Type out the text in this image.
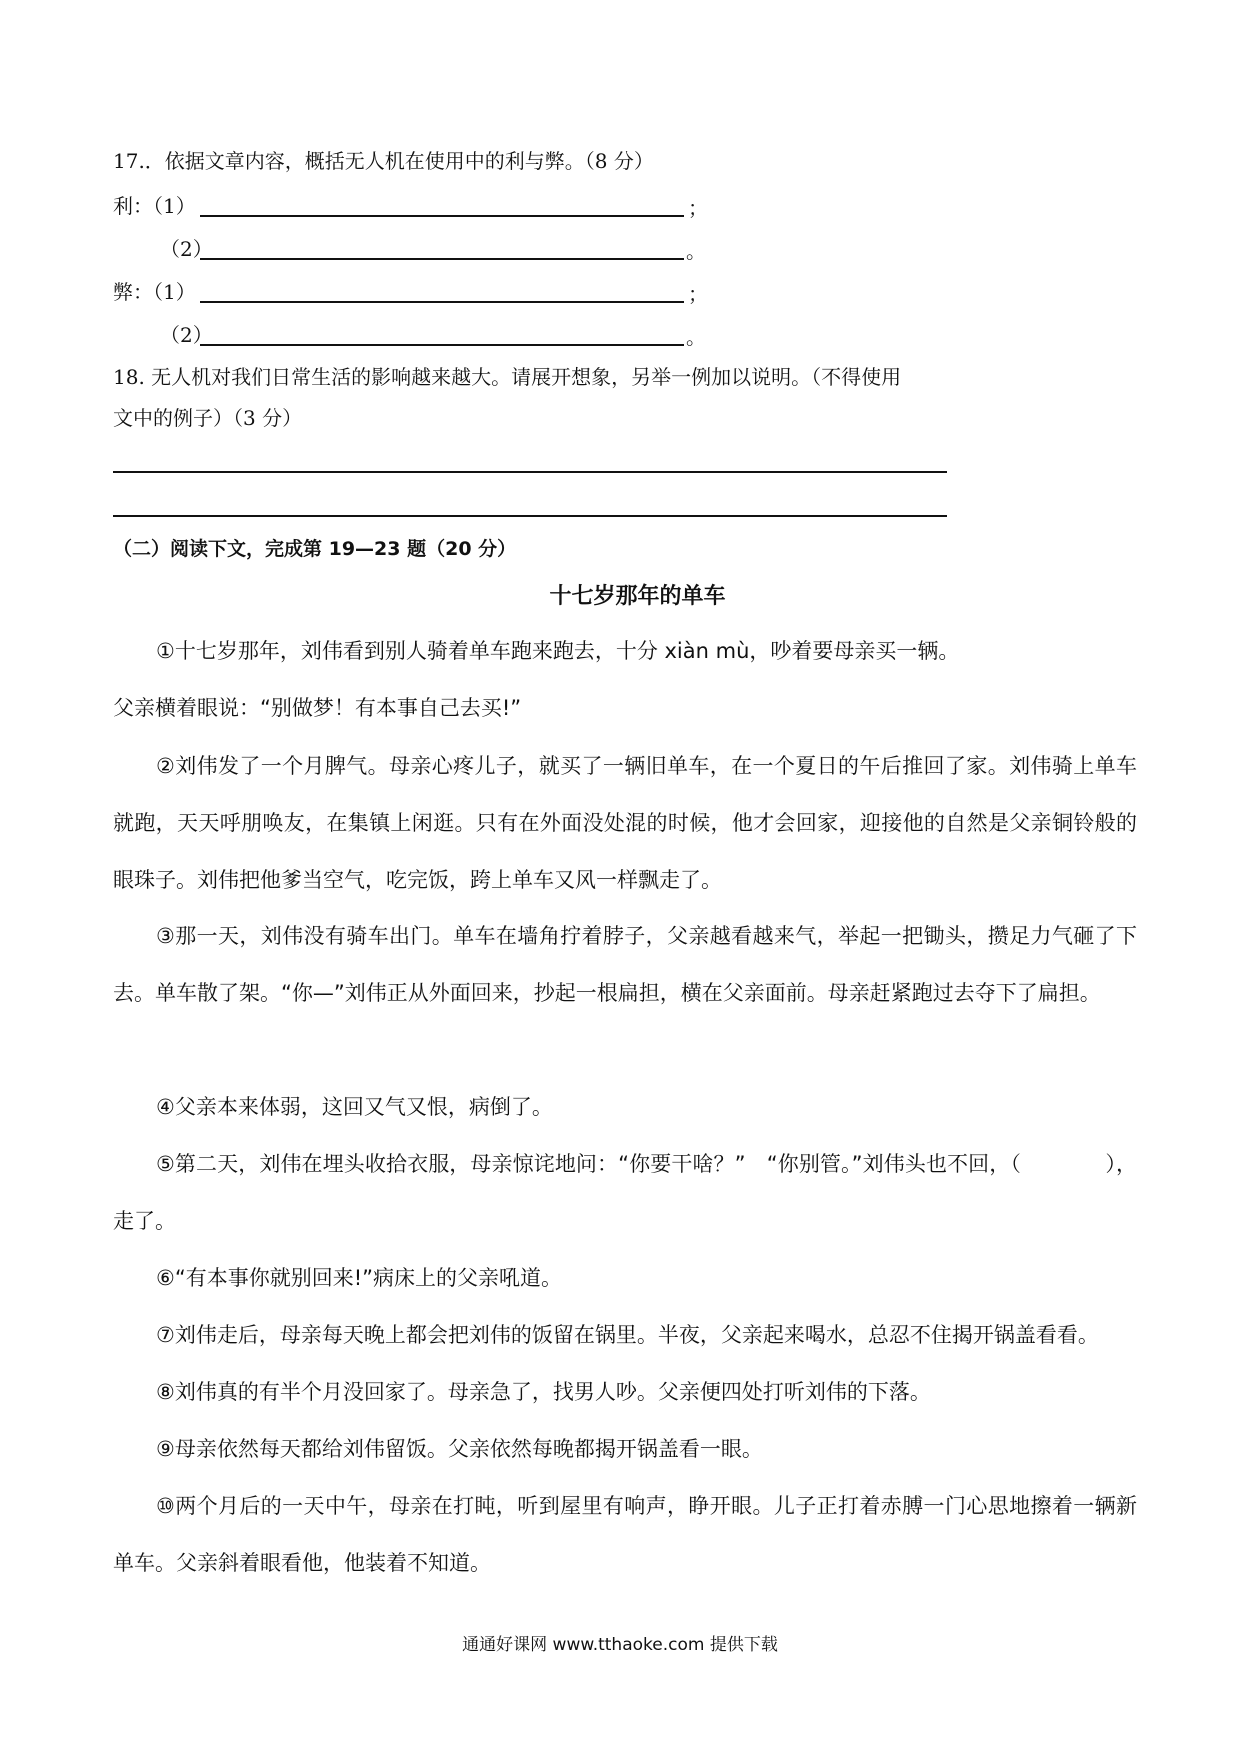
17.．依据文章内容，概括无人机在使用中的利与弊。（8 分）
利：（1）	；
（2）	。
弊：（1）	；
（2）	。
18. 无人机对我们日常生活的影响越来越大。请展开想象，另举一例加以说明。（不得使用
文中的例子）（3 分）
（二）阅读下文，完成第 19—23 题（20 分）
十七岁那年的单车

①十七岁那年，刘伟看到别人骑着单车跑来跑去，十分 xiàn mù，吵着要母亲买一辆。

父亲横着眼说：“别做梦！有本事自己去买!”

②刘伟发了一个月脾气。母亲心疼儿子，就买了一辆旧单车，在一个夏日的午后推回了家。刘伟骑上单车就跑，天天呼朋唤友，在集镇上闲逛。只有在外面没处混的时候，他才会回家，迎接他的自然是父亲铜铃般的眼珠子。刘伟把他爹当空气，吃完饭，跨上单车又风一样飘走了。

③那一天，刘伟没有骑车出门。单车在墙角拧着脖子，父亲越看越来气，举起一把锄头，攒足力气砸了下去。单车散了架。“你—”刘伟正从外面回来，抄起一根扁担，横在父亲面前。母亲赶紧跑过去夺下了扁担。

④父亲本来体弱，这回又气又恨，病倒了。

⑤第二天，刘伟在埋头收拾衣服，母亲惊诧地问：“你要干啥？”　“你别管。”刘伟头也不回，（　　　　），走了。

⑥“有本事你就别回来!”病床上的父亲吼道。

⑦刘伟走后，母亲每天晚上都会把刘伟的饭留在锅里。半夜，父亲起来喝水，总忍不住揭开锅盖看看。

⑧刘伟真的有半个月没回家了。母亲急了，找男人吵。父亲便四处打听刘伟的下落。

⑨母亲依然每天都给刘伟留饭。父亲依然每晚都揭开锅盖看一眼。

⑩两个月后的一天中午，母亲在打盹，听到屋里有响声，睁开眼。儿子正打着赤膊一门心思地擦着一辆新单车。父亲斜着眼看他，他装着不知道。

通通好课网 www.tthaoke.com 提供下载
